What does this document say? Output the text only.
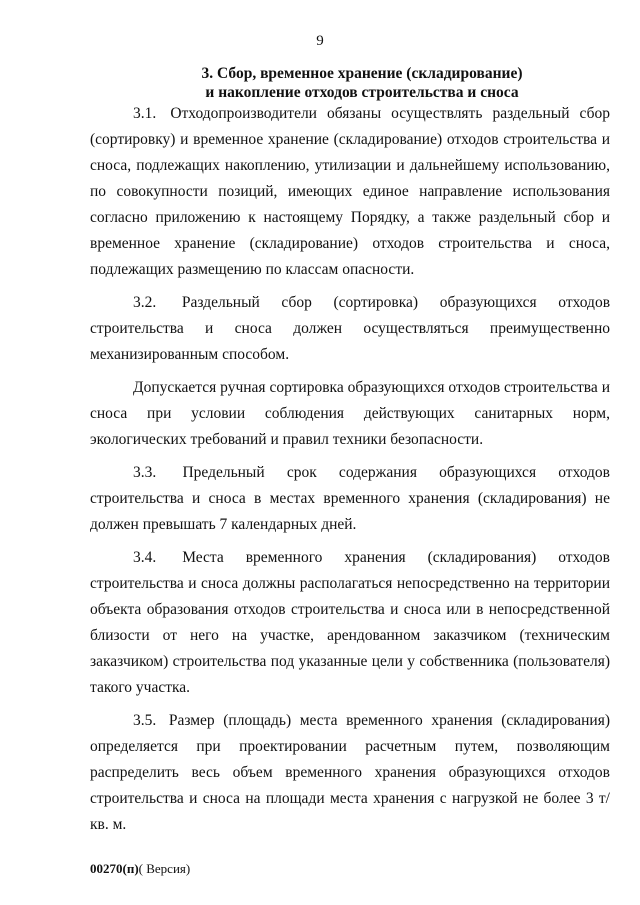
9
3. Сбор, временное хранение (складирование)
и накопление отходов строительства и сноса

3.1. Отходопроизводители обязаны осуществлять раздельный сбор (сортировку) и временное хранение (складирование) отходов строительства и сноса, подлежащих накоплению, утилизации и дальнейшему использованию, по совокупности позиций, имеющих единое направление использования согласно приложению к настоящему Порядку, а также раздельный сбор и временное хранение (складирование) отходов строительства и сноса, подлежащих размещению по классам опасности.

3.2. Раздельный сбор (сортировка) образующихся отходов строительства и сноса должен осуществляться преимущественно механизированным способом.

Допускается ручная сортировка образующихся отходов строительства и сноса при условии соблюдения действующих санитарных норм, экологических требований и правил техники безопасности.

3.3. Предельный срок содержания образующихся отходов строительства и сноса в местах временного хранения (складирования) не должен превышать 7 календарных дней.

3.4. Места временного хранения (складирования) отходов строительства и сноса должны располагаться непосредственно на территории объекта образования отходов строительства и сноса или в непосредственной близости от него на участке, арендованном заказчиком (техническим заказчиком) строительства под указанные цели у собственника (пользователя) такого участка.

3.5. Размер (площадь) места временного хранения (складирования) определяется при проектировании расчетным путем, позволяющим распределить весь объем временного хранения образующихся отходов строительства и сноса на площади места хранения с нагрузкой не более 3 т/кв. м.

00270(п)( Версия)
